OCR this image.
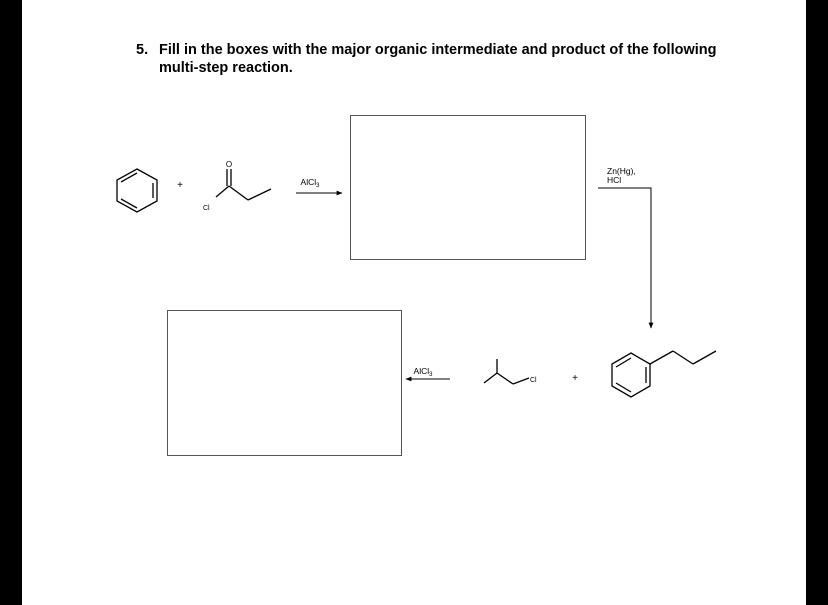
5. Fill in the boxes with the major organic intermediate and product of the following multi-step reaction.
+
O
Cl
AlCl$_3$
Zn(Hg),
HCl
+
Cl
AlCl$_3$
